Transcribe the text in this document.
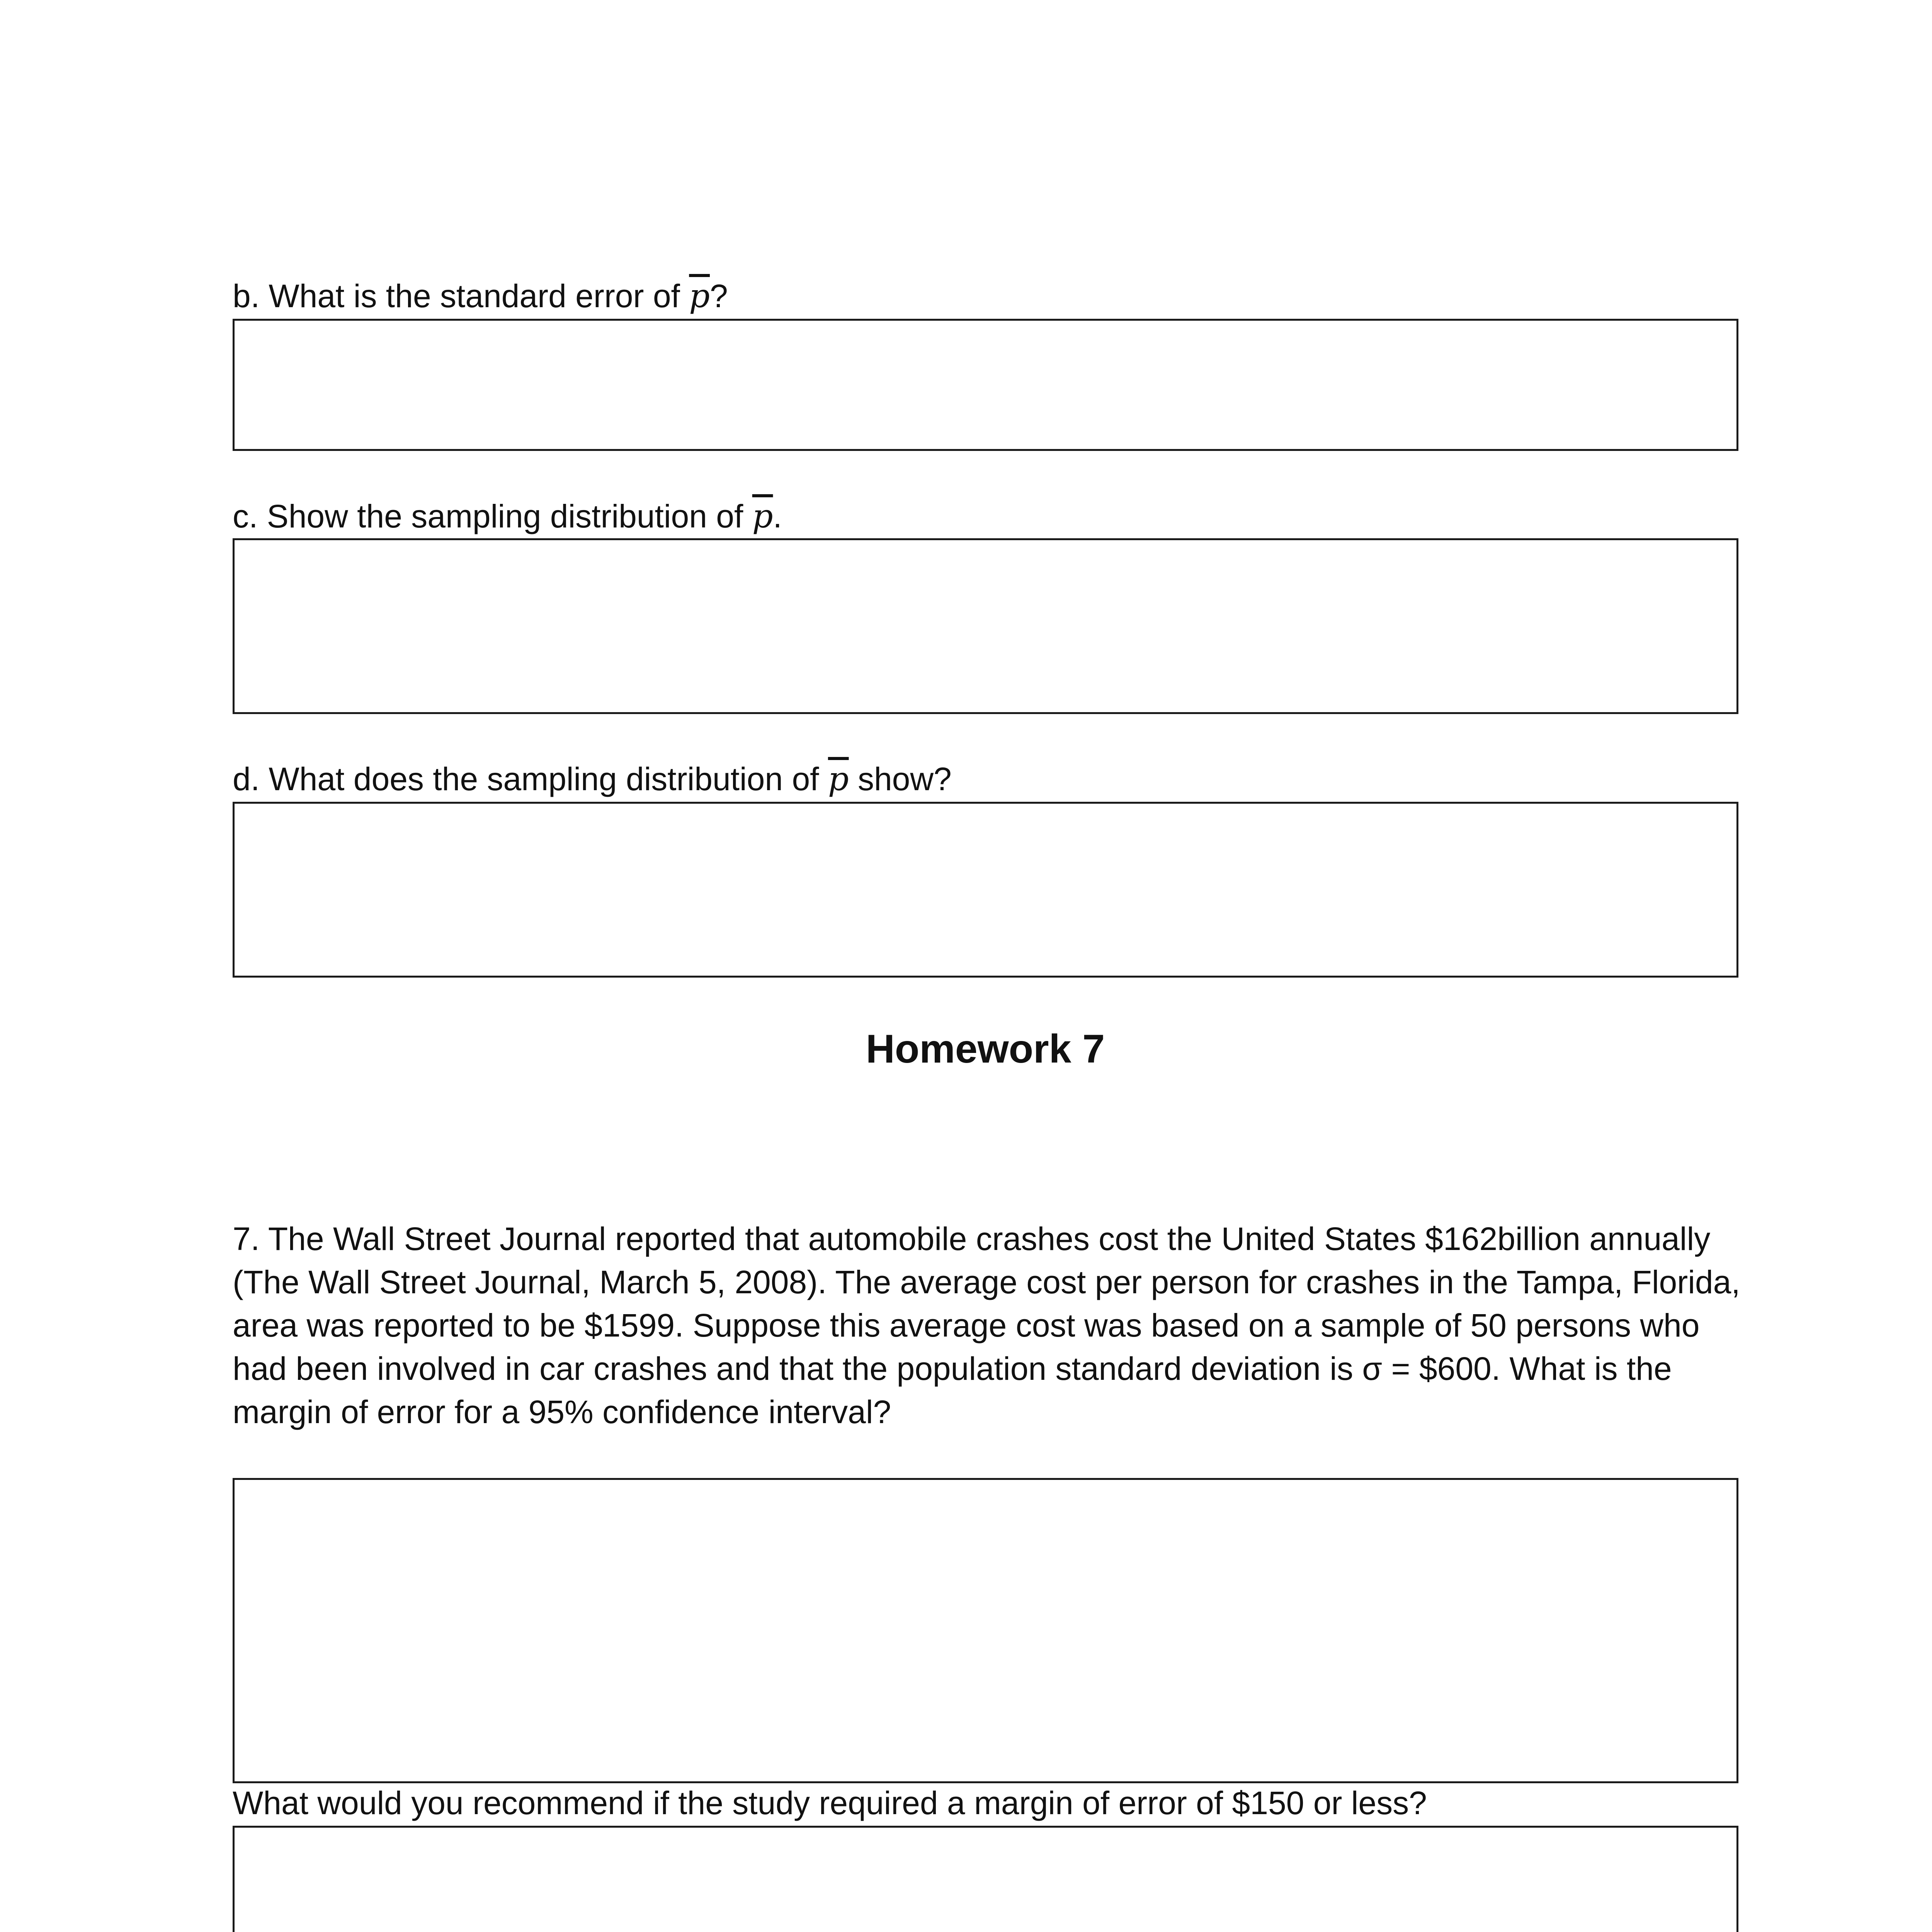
b. What is the standard error of $\overline{p}$?
c. Show the sampling distribution of $\overline{p}$.
d. What does the sampling distribution of $\overline{p}$ show?
Homework 7
7. The Wall Street Journal reported that automobile crashes cost the United States $162billion annually
(The Wall Street Journal, March 5, 2008). The average cost per person for crashes in the Tampa, Florida,
area was reported to be $1599. Suppose this average cost was based on a sample of 50 persons who
had been involved in car crashes and that the population standard deviation is σ = $600. What is the
margin of error for a 95% confidence interval?
What would you recommend if the study required a margin of error of $150 or less?
